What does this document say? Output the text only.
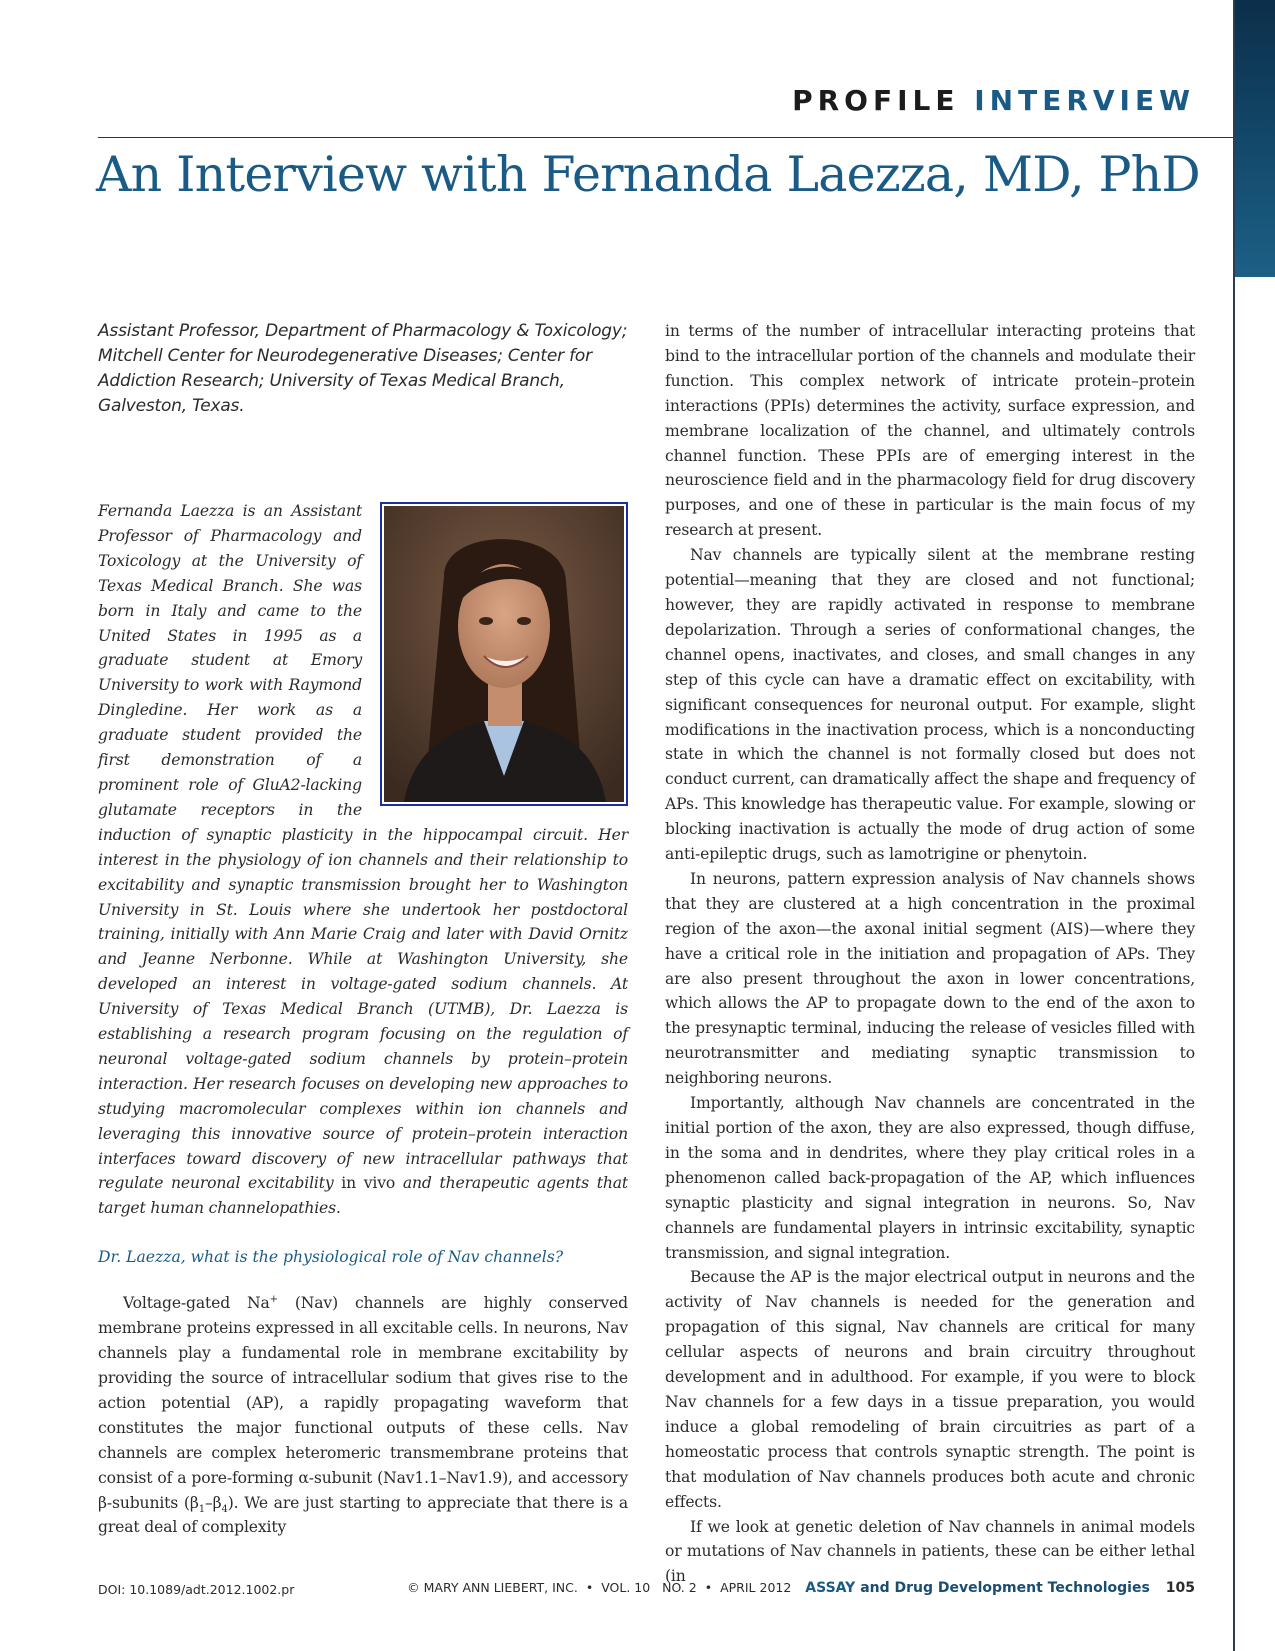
PROFILE INTERVIEW
An Interview with Fernanda Laezza, MD, PhD

Assistant Professor, Department of Pharmacology & Toxicology; Mitchell Center for Neurodegenerative Diseases; Center for Addiction Research; University of Texas Medical Branch, Galveston, Texas.

Fernanda Laezza is an Assistant Professor of Pharmacology and Toxicology at the University of Texas Medical Branch. She was born in Italy and came to the United States in 1995 as a graduate student at Emory University to work with Raymond Dingledine. Her work as a graduate student provided the first demonstration of a prominent role of GluA2-lacking glutamate receptors in the induction of synaptic plasticity in the hippocampal circuit. Her interest in the physiology of ion channels and their relationship to excitability and synaptic transmission brought her to Washington University in St. Louis where she undertook her postdoctoral training, initially with Ann Marie Craig and later with David Ornitz and Jeanne Nerbonne. While at Washington University, she developed an interest in voltage-gated sodium channels. At University of Texas Medical Branch (UTMB), Dr. Laezza is establishing a research program focusing on the regulation of neuronal voltage-gated sodium channels by protein–protein interaction. Her research focuses on developing new approaches to studying macromolecular complexes within ion channels and leveraging this innovative source of protein–protein interaction interfaces toward discovery of new intracellular pathways that regulate neuronal excitability in vivo and therapeutic agents that target human channelopathies.

Dr. Laezza, what is the physiological role of Nav channels?

Voltage-gated Na+ (Nav) channels are highly conserved membrane proteins expressed in all excitable cells. In neurons, Nav channels play a fundamental role in membrane excitability by providing the source of intracellular sodium that gives rise to the action potential (AP), a rapidly propagating waveform that constitutes the major functional outputs of these cells. Nav channels are complex heteromeric transmembrane proteins that consist of a pore-forming α-subunit (Nav1.1–Nav1.9), and accessory β-subunits $(\beta_1-\beta_4)$. We are just starting to appreciate that there is a great deal of complexity

in terms of the number of intracellular interacting proteins that bind to the intracellular portion of the channels and modulate their function. This complex network of intricate protein–protein interactions (PPIs) determines the activity, surface expression, and membrane localization of the channel, and ultimately controls channel function. These PPIs are of emerging interest in the neuroscience field and in the pharmacology field for drug discovery purposes, and one of these in particular is the main focus of my research at present.

Nav channels are typically silent at the membrane resting potential—meaning that they are closed and not functional; however, they are rapidly activated in response to membrane depolarization. Through a series of conformational changes, the channel opens, inactivates, and closes, and small changes in any step of this cycle can have a dramatic effect on excitability, with significant consequences for neuronal output. For example, slight modifications in the inactivation process, which is a nonconducting state in which the channel is not formally closed but does not conduct current, can dramatically affect the shape and frequency of APs. This knowledge has therapeutic value. For example, slowing or blocking inactivation is actually the mode of drug action of some anti-epileptic drugs, such as lamotrigine or phenytoin.

In neurons, pattern expression analysis of Nav channels shows that they are clustered at a high concentration in the proximal region of the axon—the axonal initial segment (AIS)—where they have a critical role in the initiation and propagation of APs. They are also present throughout the axon in lower concentrations, which allows the AP to propagate down to the end of the axon to the presynaptic terminal, inducing the release of vesicles filled with neurotransmitter and mediating synaptic transmission to neighboring neurons.

Importantly, although Nav channels are concentrated in the initial portion of the axon, they are also expressed, though diffuse, in the soma and in dendrites, where they play critical roles in a phenomenon called back-propagation of the AP, which influences synaptic plasticity and signal integration in neurons. So, Nav channels are fundamental players in intrinsic excitability, synaptic transmission, and signal integration.

Because the AP is the major electrical output in neurons and the activity of Nav channels is needed for the generation and propagation of this signal, Nav channels are critical for many cellular aspects of neurons and brain circuitry throughout development and in adulthood. For example, if you were to block Nav channels for a few days in a tissue preparation, you would induce a global remodeling of brain circuitries as part of a homeostatic process that controls synaptic strength. The point is that modulation of Nav channels produces both acute and chronic effects.

If we look at genetic deletion of Nav channels in animal models or mutations of Nav channels in patients, these can be either lethal (in

DOI: 10.1089/adt.2012.1002.pr	© MARY ANN LIEBERT, INC. • VOL. 10 NO. 2 • APRIL 2012 ASSAY and Drug Development Technologies 105
